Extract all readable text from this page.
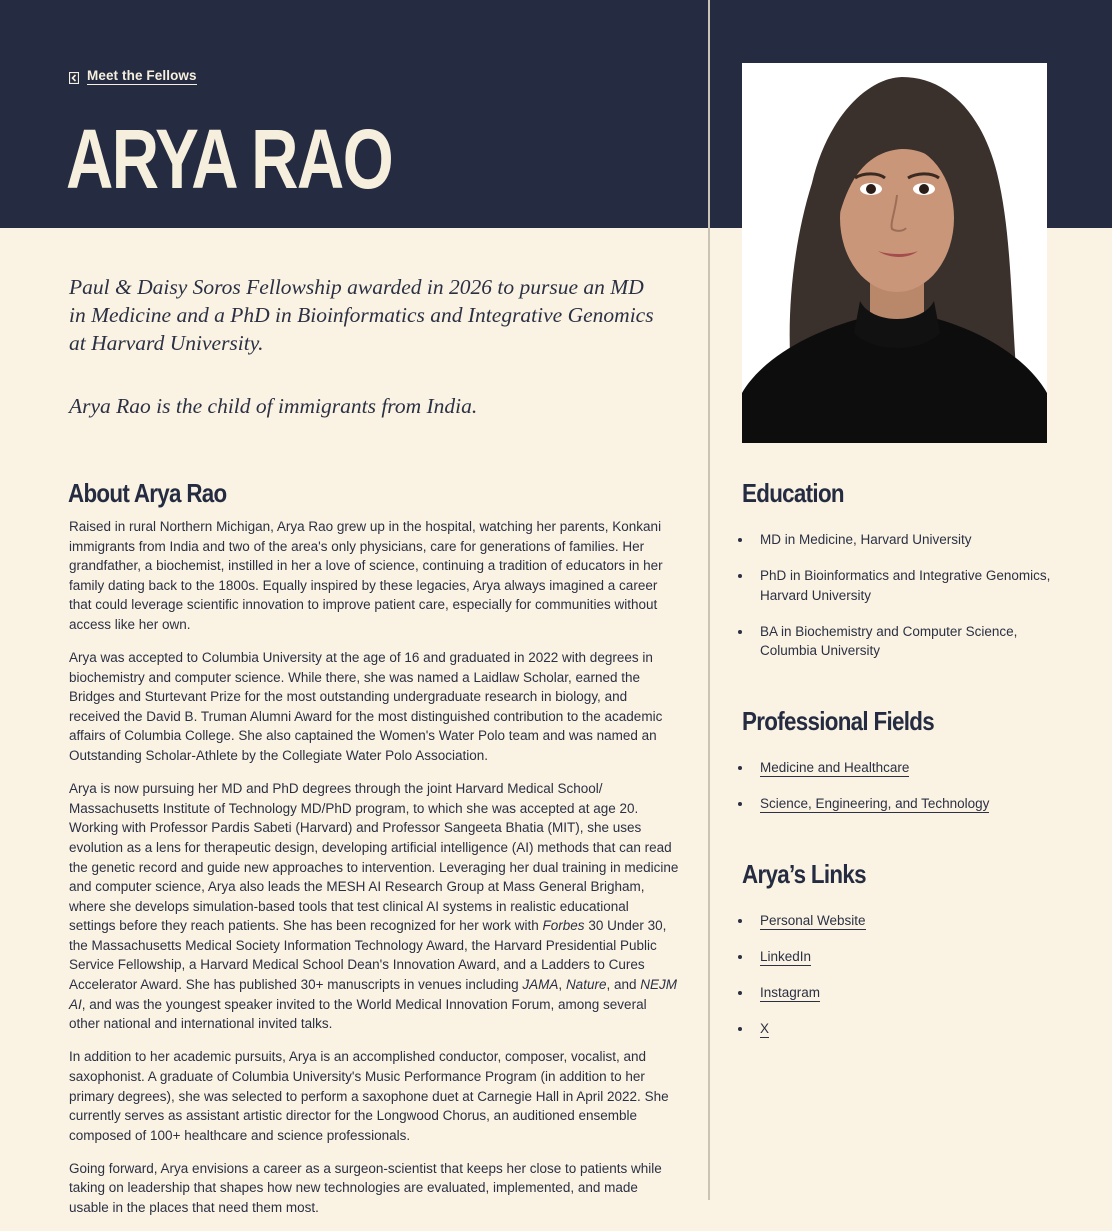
Meet the Fellows
ARYA RAO

Paul & Daisy Soros Fellowship awarded in 2026 to pursue an MD in Medicine and a PhD in Bioinformatics and Integrative Genomics at Harvard University.

Arya Rao is the child of immigrants from India.

About Arya Rao

Raised in rural Northern Michigan, Arya Rao grew up in the hospital, watching her parents, Konkani immigrants from India and two of the area's only physicians, care for generations of families. Her grandfather, a biochemist, instilled in her a love of science, continuing a tradition of educators in her family dating back to the 1800s. Equally inspired by these legacies, Arya always imagined a career that could leverage scientific innovation to improve patient care, especially for communities without access like her own.

Arya was accepted to Columbia University at the age of 16 and graduated in 2022 with degrees in biochemistry and computer science. While there, she was named a Laidlaw Scholar, earned the Bridges and Sturtevant Prize for the most outstanding undergraduate research in biology, and received the David B. Truman Alumni Award for the most distinguished contribution to the academic affairs of Columbia College. She also captained the Women's Water Polo team and was named an Outstanding Scholar-Athlete by the Collegiate Water Polo Association.

Arya is now pursuing her MD and PhD degrees through the joint Harvard Medical School/ Massachusetts Institute of Technology MD/PhD program, to which she was accepted at age 20. Working with Professor Pardis Sabeti (Harvard) and Professor Sangeeta Bhatia (MIT), she uses evolution as a lens for therapeutic design, developing artificial intelligence (AI) methods that can read the genetic record and guide new approaches to intervention. Leveraging her dual training in medicine and computer science, Arya also leads the MESH AI Research Group at Mass General Brigham, where she develops simulation-based tools that test clinical AI systems in realistic educational settings before they reach patients. She has been recognized for her work with Forbes 30 Under 30, the Massachusetts Medical Society Information Technology Award, the Harvard Presidential Public Service Fellowship, a Harvard Medical School Dean's Innovation Award, and a Ladders to Cures Accelerator Award. She has published 30+ manuscripts in venues including JAMA, Nature, and NEJM AI, and was the youngest speaker invited to the World Medical Innovation Forum, among several other national and international invited talks.

In addition to her academic pursuits, Arya is an accomplished conductor, composer, vocalist, and saxophonist. A graduate of Columbia University's Music Performance Program (in addition to her primary degrees), she was selected to perform a saxophone duet at Carnegie Hall in April 2022. She currently serves as assistant artistic director for the Longwood Chorus, an auditioned ensemble composed of 100+ healthcare and science professionals.

Going forward, Arya envisions a career as a surgeon-scientist that keeps her close to patients while taking on leadership that shapes how new technologies are evaluated, implemented, and made usable in the places that need them most.

Education
MD in Medicine, Harvard University
PhD in Bioinformatics and Integrative Genomics, Harvard University
BA in Biochemistry and Computer Science, Columbia University
Professional Fields
Medicine and Healthcare
Science, Engineering, and Technology
Arya’s Links
Personal Website
LinkedIn
Instagram
X
